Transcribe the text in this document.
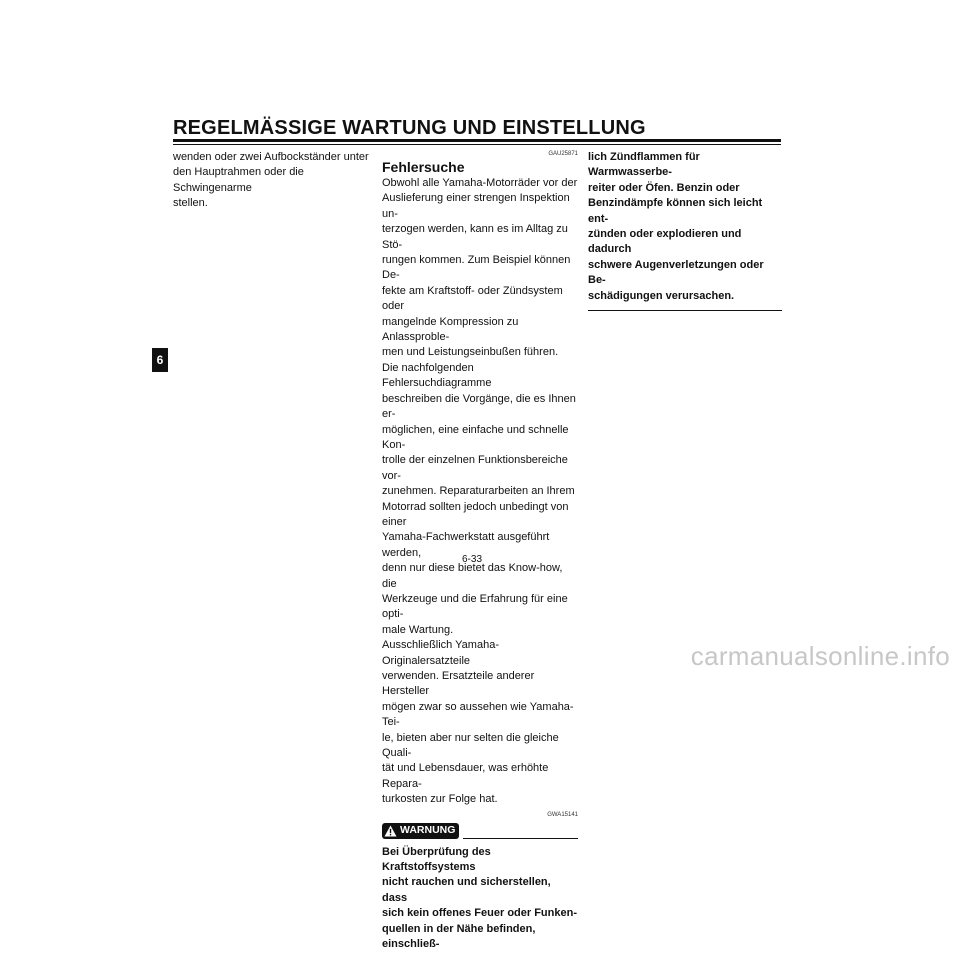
REGELMÄSSIGE WARTUNG UND EINSTELLUNG
6
wenden oder zwei Aufbockständer unter
den Hauptrahmen oder die Schwingenarme
stellen.
GAU25871
Fehlersuche
Obwohl alle Yamaha-Motorräder vor der
Auslieferung einer strengen Inspektion un-
terzogen werden, kann es im Alltag zu Stö-
rungen kommen. Zum Beispiel können De-
fekte am Kraftstoff- oder Zündsystem oder
mangelnde Kompression zu Anlassproble-
men und Leistungseinbußen führen.
Die nachfolgenden Fehlersuchdiagramme
beschreiben die Vorgänge, die es Ihnen er-
möglichen, eine einfache und schnelle Kon-
trolle der einzelnen Funktionsbereiche vor-
zunehmen. Reparaturarbeiten an Ihrem
Motorrad sollten jedoch unbedingt von einer
Yamaha-Fachwerkstatt ausgeführt werden,
denn nur diese bietet das Know-how, die
Werkzeuge und die Erfahrung für eine opti-
male Wartung.
Ausschließlich Yamaha-Originalersatzteile
verwenden. Ersatzteile anderer Hersteller
mögen zwar so aussehen wie Yamaha-Tei-
le, bieten aber nur selten die gleiche Quali-
tät und Lebensdauer, was erhöhte Repara-
turkosten zur Folge hat.
GWA15141
WARNUNG
Bei Überprüfung des Kraftstoffsystems
nicht rauchen und sicherstellen, dass
sich kein offenes Feuer oder Funken-
quellen in der Nähe befinden, einschließ-
lich Zündflammen für Warmwasserbe-
reiter oder Öfen. Benzin oder
Benzindämpfe können sich leicht ent-
zünden oder explodieren und dadurch
schwere Augenverletzungen oder Be-
schädigungen verursachen.
6-33
carmanualsonline.info
